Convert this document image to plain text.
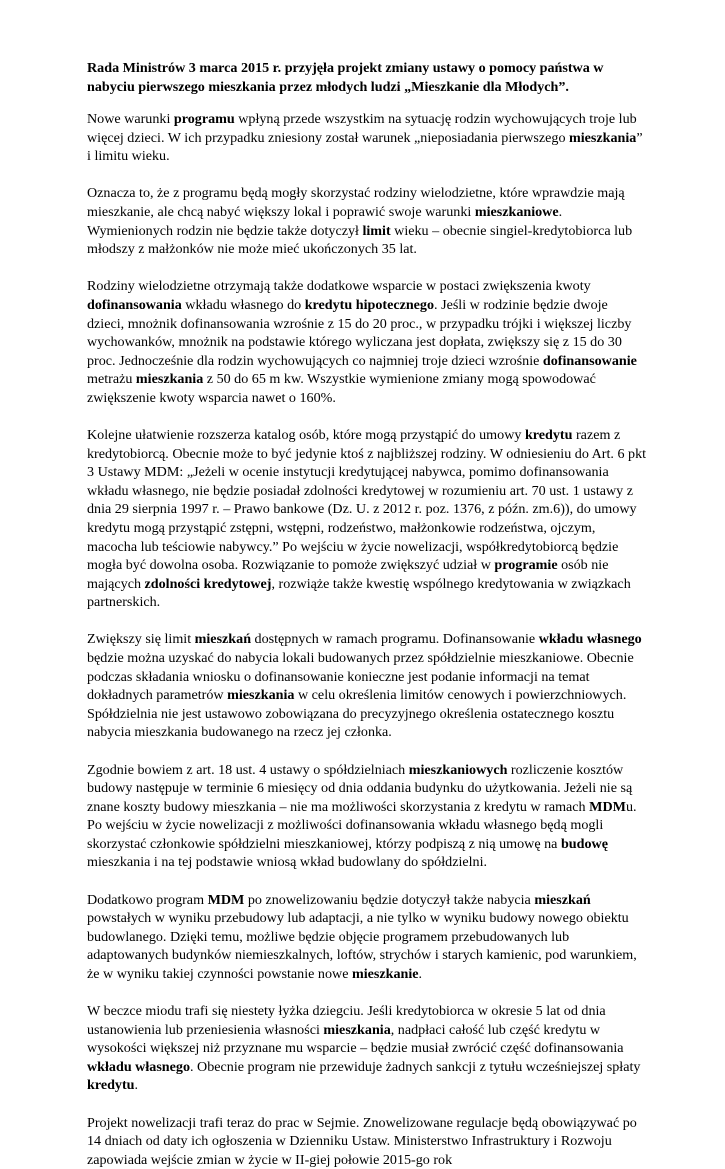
Rada Ministrów 3 marca 2015 r. przyjęła projekt zmiany ustawy o pomocy państwa w nabyciu pierwszego mieszkania przez młodych ludzi „Mieszkanie dla Młodych”.

Nowe warunki programu wpłyną przede wszystkim na sytuację rodzin wychowujących troje lub więcej dzieci. W ich przypadku zniesiony został warunek „nieposiadania pierwszego mieszkania” i limitu wieku.

Oznacza to, że z programu będą mogły skorzystać rodziny wielodzietne, które wprawdzie mają mieszkanie, ale chcą nabyć większy lokal i poprawić swoje warunki mieszkaniowe. Wymienionych rodzin nie będzie także dotyczył limit wieku – obecnie singiel-kredytobiorca lub młodszy z małżonków nie może mieć ukończonych 35 lat.

Rodziny wielodzietne otrzymają także dodatkowe wsparcie w postaci zwiększenia kwoty dofinansowania wkładu własnego do kredytu hipotecznego. Jeśli w rodzinie będzie dwoje dzieci, mnożnik dofinansowania wzrośnie z 15 do 20 proc., w przypadku trójki i większej liczby wychowanków, mnożnik na podstawie którego wyliczana jest dopłata, zwiększy się z 15 do 30 proc. Jednocześnie dla rodzin wychowujących co najmniej troje dzieci wzrośnie dofinansowanie metrażu mieszkania z 50 do 65 m kw. Wszystkie wymienione zmiany mogą spowodować zwiększenie kwoty wsparcia nawet o 160%.

Kolejne ułatwienie rozszerza katalog osób, które mogą przystąpić do umowy kredytu razem z kredytobiorcą. Obecnie może to być jedynie ktoś z najbliższej rodziny. W odniesieniu do Art. 6 pkt 3 Ustawy MDM: „Jeżeli w ocenie instytucji kredytującej nabywca, pomimo dofinansowania wkładu własnego, nie będzie posiadał zdolności kredytowej w rozumieniu art. 70 ust. 1 ustawy z dnia 29 sierpnia 1997 r. – Prawo bankowe (Dz. U. z 2012 r. poz. 1376, z późn. zm.6)), do umowy kredytu mogą przystąpić zstępni, wstępni, rodzeństwo, małżonkowie rodzeństwa, ojczym, macocha lub teściowie nabywcy.” Po wejściu w życie nowelizacji, współkredytobiorcą będzie mogła być dowolna osoba. Rozwiązanie to pomoże zwiększyć udział w programie osób nie mających zdolności kredytowej, rozwiąże także kwestię wspólnego kredytowania w związkach partnerskich.

Zwiększy się limit mieszkań dostępnych w ramach programu. Dofinansowanie wkładu własnego będzie można uzyskać do nabycia lokali budowanych przez spółdzielnie mieszkaniowe. Obecnie podczas składania wniosku o dofinansowanie konieczne jest podanie informacji na temat dokładnych parametrów mieszkania w celu określenia limitów cenowych i powierzchniowych. Spółdzielnia nie jest ustawowo zobowiązana do precyzyjnego określenia ostatecznego kosztu nabycia mieszkania budowanego na rzecz jej członka.

Zgodnie bowiem z art. 18 ust. 4 ustawy o spółdzielniach mieszkaniowych rozliczenie kosztów budowy następuje w terminie 6 miesięcy od dnia oddania budynku do użytkowania. Jeżeli nie są znane koszty budowy mieszkania – nie ma możliwości skorzystania z kredytu w ramach MDMu. Po wejściu w życie nowelizacji z możliwości dofinansowania wkładu własnego będą mogli skorzystać członkowie spółdzielni mieszkaniowej, którzy podpiszą z nią umowę na budowę mieszkania i na tej podstawie wniosą wkład budowlany do spółdzielni.

Dodatkowo program MDM po znowelizowaniu będzie dotyczył także nabycia mieszkań powstałych w wyniku przebudowy lub adaptacji, a nie tylko w wyniku budowy nowego obiektu budowlanego. Dzięki temu, możliwe będzie objęcie programem przebudowanych lub adaptowanych budynków niemieszkalnych, loftów, strychów i starych kamienic, pod warunkiem, że w wyniku takiej czynności powstanie nowe mieszkanie.

W beczce miodu trafi się niestety łyżka dziegciu. Jeśli kredytobiorca w okresie 5 lat od dnia ustanowienia lub przeniesienia własności mieszkania, nadpłaci całość lub część kredytu w wysokości większej niż przyznane mu wsparcie – będzie musiał zwrócić część dofinansowania wkładu własnego. Obecnie program nie przewiduje żadnych sankcji z tytułu wcześniejszej spłaty kredytu.

Projekt nowelizacji trafi teraz do prac w Sejmie. Znowelizowane regulacje będą obowiązywać po 14 dniach od daty ich ogłoszenia w Dzienniku Ustaw. Ministerstwo Infrastruktury i Rozwoju zapowiada wejście zmian w życie w II-giej połowie 2015-go rok
